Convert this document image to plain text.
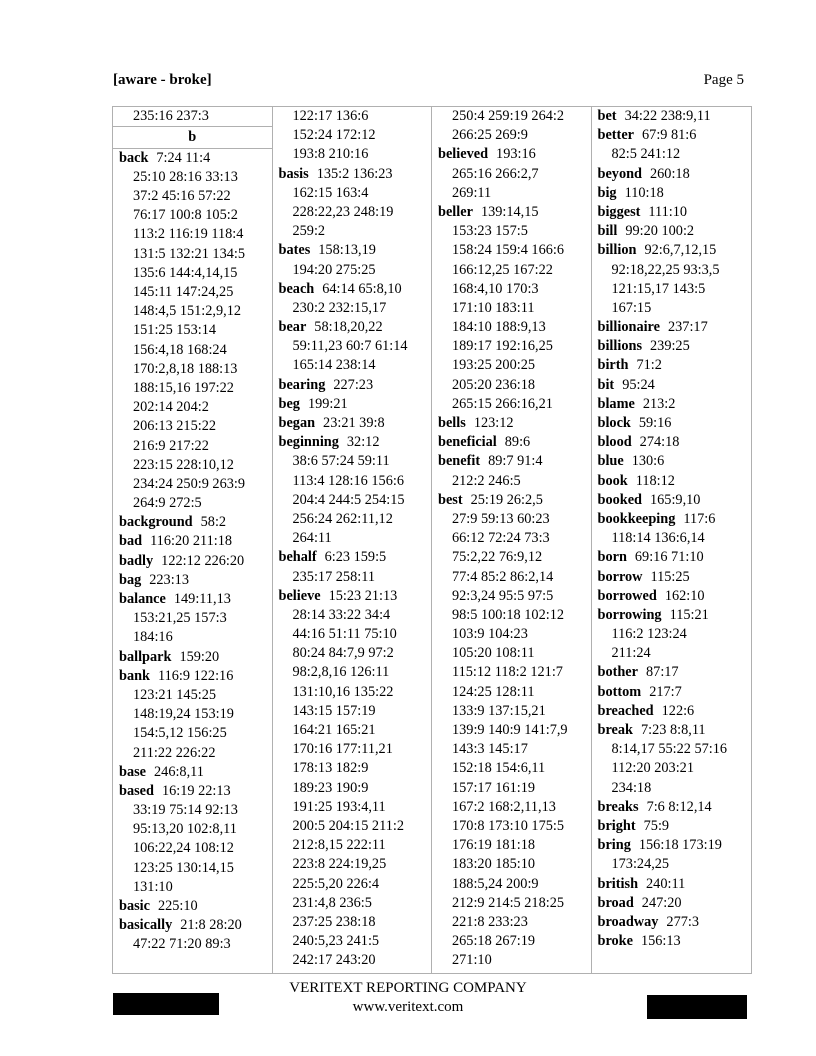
[aware - broke]	Page 5
235:16 237:3
b
back 7:24 11:4
25:10 28:16 33:13
37:2 45:16 57:22
76:17 100:8 105:2
113:2 116:19 118:4
131:5 132:21 134:5
135:6 144:4,14,15
145:11 147:24,25
148:4,5 151:2,9,12
151:25 153:14
156:4,18 168:24
170:2,8,18 188:13
188:15,16 197:22
202:14 204:2
206:13 215:22
216:9 217:22
223:15 228:10,12
234:24 250:9 263:9
264:9 272:5
background 58:2
bad 116:20 211:18
badly 122:12 226:20
bag 223:13
balance 149:11,13
153:21,25 157:3
184:16
ballpark 159:20
bank 116:9 122:16
123:21 145:25
148:19,24 153:19
154:5,12 156:25
211:22 226:22
base 246:8,11
based 16:19 22:13
33:19 75:14 92:13
95:13,20 102:8,11
106:22,24 108:12
123:25 130:14,15
131:10
basic 225:10
basically 21:8 28:20
47:22 71:20 89:3
122:17 136:6
152:24 172:12
193:8 210:16
basis 135:2 136:23
162:15 163:4
228:22,23 248:19
259:2
bates 158:13,19
194:20 275:25
beach 64:14 65:8,10
230:2 232:15,17
bear 58:18,20,22
59:11,23 60:7 61:14
165:14 238:14
bearing 227:23
beg 199:21
began 23:21 39:8
beginning 32:12
38:6 57:24 59:11
113:4 128:16 156:6
204:4 244:5 254:15
256:24 262:11,12
264:11
behalf 6:23 159:5
235:17 258:11
believe 15:23 21:13
28:14 33:22 34:4
44:16 51:11 75:10
80:24 84:7,9 97:2
98:2,8,16 126:11
131:10,16 135:22
143:15 157:19
164:21 165:21
170:16 177:11,21
178:13 182:9
189:23 190:9
191:25 193:4,11
200:5 204:15 211:2
212:8,15 222:11
223:8 224:19,25
225:5,20 226:4
231:4,8 236:5
237:25 238:18
240:5,23 241:5
242:17 243:20
250:4 259:19 264:2
266:25 269:9
believed 193:16
265:16 266:2,7
269:11
beller 139:14,15
153:23 157:5
158:24 159:4 166:6
166:12,25 167:22
168:4,10 170:3
171:10 183:11
184:10 188:9,13
189:17 192:16,25
193:25 200:25
205:20 236:18
265:15 266:16,21
bells 123:12
beneficial 89:6
benefit 89:7 91:4
212:2 246:5
best 25:19 26:2,5
27:9 59:13 60:23
66:12 72:24 73:3
75:2,22 76:9,12
77:4 85:2 86:2,14
92:3,24 95:5 97:5
98:5 100:18 102:12
103:9 104:23
105:20 108:11
115:12 118:2 121:7
124:25 128:11
133:9 137:15,21
139:9 140:9 141:7,9
143:3 145:17
152:18 154:6,11
157:17 161:19
167:2 168:2,11,13
170:8 173:10 175:5
176:19 181:18
183:20 185:10
188:5,24 200:9
212:9 214:5 218:25
221:8 233:23
265:18 267:19
271:10
bet 34:22 238:9,11
better 67:9 81:6
82:5 241:12
beyond 260:18
big 110:18
biggest 111:10
bill 99:20 100:2
billion 92:6,7,12,15
92:18,22,25 93:3,5
121:15,17 143:5
167:15
billionaire 237:17
billions 239:25
birth 71:2
bit 95:24
blame 213:2
block 59:16
blood 274:18
blue 130:6
book 118:12
booked 165:9,10
bookkeeping 117:6
118:14 136:6,14
born 69:16 71:10
borrow 115:25
borrowed 162:10
borrowing 115:21
116:2 123:24
211:24
bother 87:17
bottom 217:7
breached 122:6
break 7:23 8:8,11
8:14,17 55:22 57:16
112:20 203:21
234:18
breaks 7:6 8:12,14
bright 75:9
bring 156:18 173:19
173:24,25
british 240:11
broad 247:20
broadway 277:3
broke 156:13
VERITEXT REPORTING COMPANY
www.veritext.com
